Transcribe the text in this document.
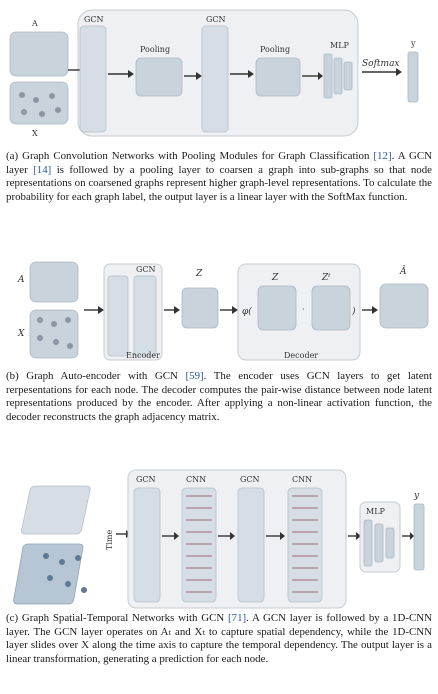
A
X
GCN
Pooling
GCN
Pooling	MLP
Softmax
y
(a) Graph Convolution Networks with Pooling Modules for Graph Classification [12]. A GCN layer [14] is followed by a pooling layer to coarsen a graph into sub-graphs so that node representations on coarsened graphs represent higher graph-level representations. To calculate the probability for each graph label, the output layer is a linear layer with the SoftMax function.
A
X
GCN
Encoder
Z
φ(
Z
·
Zᵗ
)
Decoder
Â
(b) Graph Auto-encoder with GCN [59]. The encoder uses GCN layers to get latent rerpesentations for each node. The decoder computes the pair-wise distance between node latent representations produced by the encoder. After applying a non-linear activation function, the decoder reconstructs the graph adjacency matrix.
Time
GCN	CNN	GCN	CNN
MLP
y
(c) Graph Spatial-Temporal Networks with GCN [71]. A GCN layer is followed by a 1D-CNN layer. The GCN layer operates on Aₜ and Xₜ to capture spatial dependency, while the 1D-CNN layer slides over X along the time axis to capture the temporal dependency. The output layer is a linear transformation, generating a prediction for each node.
